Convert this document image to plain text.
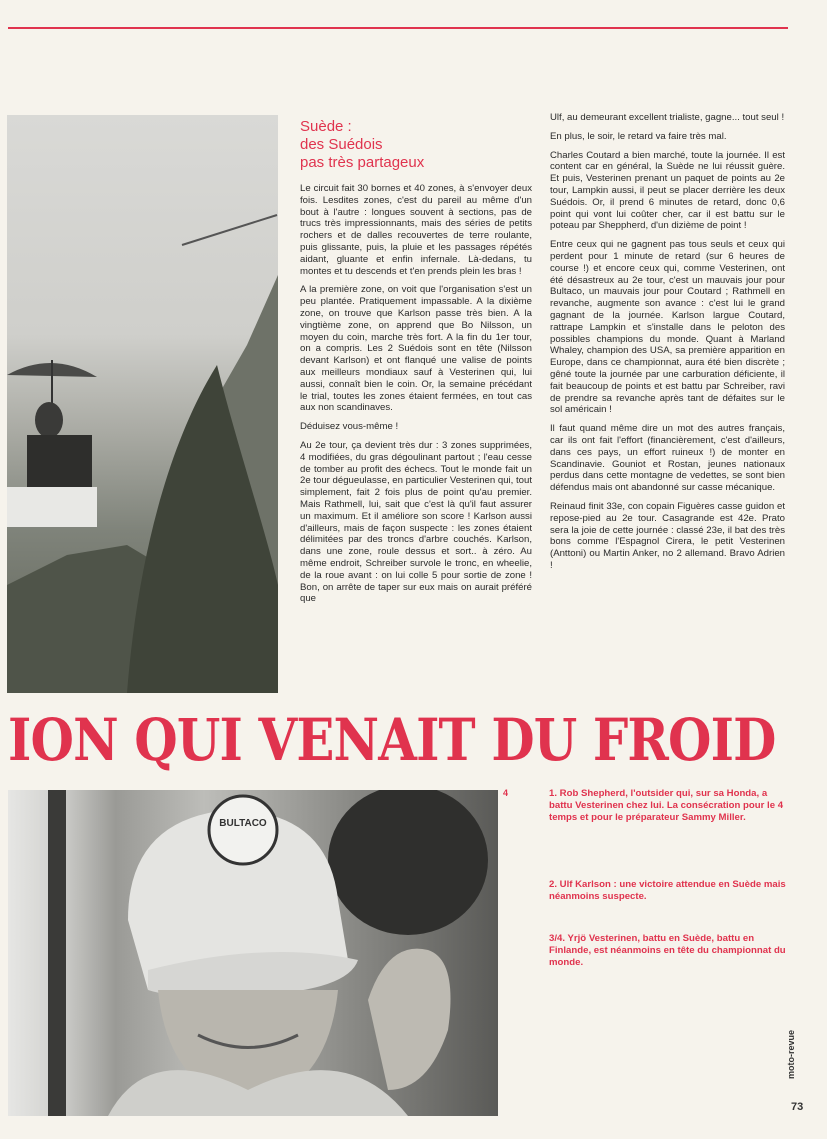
Suède :
des Suédois
pas très partageux

Le circuit fait 30 bornes et 40 zones, à s'envoyer deux fois. Lesdites zones, c'est du pareil au même d'un bout à l'autre : longues souvent à sections, pas de trucs très impressionnants, mais des séries de petits rochers et de dalles recouvertes de terre roulante, puis glissante, puis, la pluie et les passages répétés aidant, gluante et enfin infernale. Là-dedans, tu montes et tu descends et t'en prends plein les bras !

A la première zone, on voit que l'organisation s'est un peu plantée. Pratiquement impassable. A la dixième zone, on trouve que Karlson passe très bien. A la vingtième zone, on apprend que Bo Nilsson, un moyen du coin, marche très fort. A la fin du 1er tour, on a compris. Les 2 Suédois sont en tête (Nilsson devant Karlson) et ont flanqué une valise de points aux meilleurs mondiaux sauf à Vesterinen qui, lui aussi, connaît bien le coin. Or, la semaine précédant le trial, toutes les zones étaient fermées, en tout cas aux non scandinaves.

Déduisez vous-même !

Au 2e tour, ça devient très dur : 3 zones supprimées, 4 modifiées, du gras dégoulinant partout ; l'eau cesse de tomber au profit des échecs. Tout le monde fait un 2e tour dégueulasse, en particulier Vesterinen qui, tout simplement, fait 2 fois plus de point qu'au premier. Mais Rathmell, lui, sait que c'est là qu'il faut assurer un maximum. Et il améliore son score ! Karlson aussi d'ailleurs, mais de façon suspecte : les zones étaient délimitées par des troncs d'arbre couchés. Karlson, dans une zone, roule dessus et sort.. à zéro. Au même endroit, Schreiber survole le tronc, en wheelie, de la roue avant : on lui colle 5 pour sortie de zone ! Bon, on arrête de taper sur eux mais on aurait préféré que

Ulf, au demeurant excellent trialiste, gagne... tout seul !

En plus, le soir, le retard va faire très mal.

Charles Coutard a bien marché, toute la journée. Il est content car en général, la Suède ne lui réussit guère. Et puis, Vesterinen prenant un paquet de points au 2e tour, Lampkin aussi, il peut se placer derrière les deux Suédois. Or, il prend 6 minutes de retard, donc 0,6 point qui vont lui coûter cher, car il est battu sur le poteau par Sheppherd, d'un dizième de point !

Entre ceux qui ne gagnent pas tous seuls et ceux qui perdent pour 1 minute de retard (sur 6 heures de course !) et encore ceux qui, comme Vesterinen, ont été désastreux au 2e tour, c'est un mauvais jour pour Bultaco, un mauvais jour pour Coutard ; Rathmell en revanche, augmente son avance : c'est lui le grand gagnant de la journée. Karlson largue Coutard, rattrape Lampkin et s'installe dans le peloton des possibles champions du monde. Quant à Marland Whaley, champion des USA, sa première apparition en Europe, dans ce championnat, aura été bien discrète ; gêné toute la journée par une carburation déficiente, il fait beaucoup de points et est battu par Schreiber, ravi de prendre sa revanche après tant de défaites sur le sol américain !

Il faut quand même dire un mot des autres français, car ils ont fait l'effort (financièrement, c'est d'ailleurs, dans ces pays, un effort ruineux !) de monter en Scandinavie. Gouniot et Rostan, jeunes nationaux perdus dans cette montagne de vedettes, se sont bien défendus mais ont abandonné sur casse mécanique.

Reinaud finit 33e, con copain Figuères casse guidon et repose-pied au 2e tour. Casagrande est 42e. Prato sera la joie de cette journée : classé 23e, il bat des très bons comme l'Espagnol Cirera, le petit Vesterinen (Anttoni) ou Martin Anker, no 2 allemand. Bravo Adrien !

ION QUI VENAIT DU FROID
BULTACO
4	1. Rob Shepherd, l'outsider qui, sur sa Honda, a battu Vesterinen chez lui. La consécration pour le 4 temps et pour le préparateur Sammy Miller.
2. Ulf Karlson : une victoire attendue en Suède mais néanmoins suspecte.
3/4. Yrjö Vesterinen, battu en Suède, battu en Finlande, est néanmoins en tête du championnat du monde.
moto-revue
73
